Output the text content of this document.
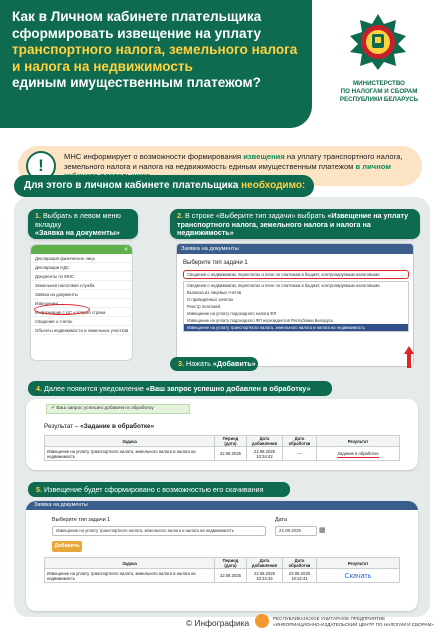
Как в Личном кабинете плательщика
сформировать извещение на уплату
транспортного налога, земельного налога
и налога на недвижимость
единым имущественным платежом?	МИНИСТЕРСТВО
ПО НАЛОГАМ И СБОРАМ
РЕСПУБЛИКИ БЕЛАРУСЬ
!	МНС информирует о возможности формирования извещения на уплату транспортного налога, земельного налога и налога на недвижимость единым имущественным платежом в личном
Для этого в личном кабинете плательщика необходимо:
1. Выбрать в левом меню вкладку
«Заявка на документы»
«
Декларация физическое лицо
Декларации НДС
Документы по МНС
Земельная налоговая служба
Заявка на документы
Извещения
Информация с ЦС и вторая страна
Сведения о счетах
Объекты недвижимости и земельных участков
2. В строке «Выберите тип задачи» выбрать «Извещение на уплату транспортного налога, земельного налога и налога на недвижимость»
Заявка на документы
Выберите тип задачи 1
Сведения о недвижимом, переплатах и пене по платежам в бюджет, контролируемым налоговыми
Сведения о недвижимом, переплатах и пене по платежам в бюджет, контролируемым налоговыми
Выписка из лицевых счетов
О проведённых зачетах
Реестр платежей
Извещение на уплату подоходного налога ФЛ
Извещение на уплату подоходного ФЛ нерезидентов Республики Беларусь
Извещение на уплату транспортного налога, земельного налога и налога на недвижимость
3. Нажать «Добавить»
4. Далее появится уведомление «Ваш запрос успешно добавлен в обработку»
✔ Ваш запрос успешно добавлен в обработку
Результат – «Задание в обработке»
Задача	Период (дата)	Дата добавления	Дата обработки	Результат
Извещение на уплату транспортного налога, земельного налога и налога на недвижимость	22.08.2025	22.08.2025 10:34:42	—	Задание в обработке
5. Извещение будет сформировано с возможностью его скачивания
Заявка на документы
Выберите тип задачи 1
Извещение на уплату транспортного налога, земельного налога и налога на недвижимость
Дата
22.08.2025	▦
Добавить
Задача	Период (дата)	Дата добавления	Дата обработки	Результат
Извещение на уплату транспортного налога, земельного налога и налога на недвижимость	22.08.2025	22.08.2025 10:22:34	22.08.2025 10:22:41	Скачать
© Инфографика	РЕСПУБЛИКАНСКОЕ УНИТАРНОЕ ПРЕДПРИЯТИЕ
«ИНФОРМАЦИОННО-ИЗДАТЕЛЬСКИЙ ЦЕНТР ПО НАЛОГАМ И СБОРАМ»
